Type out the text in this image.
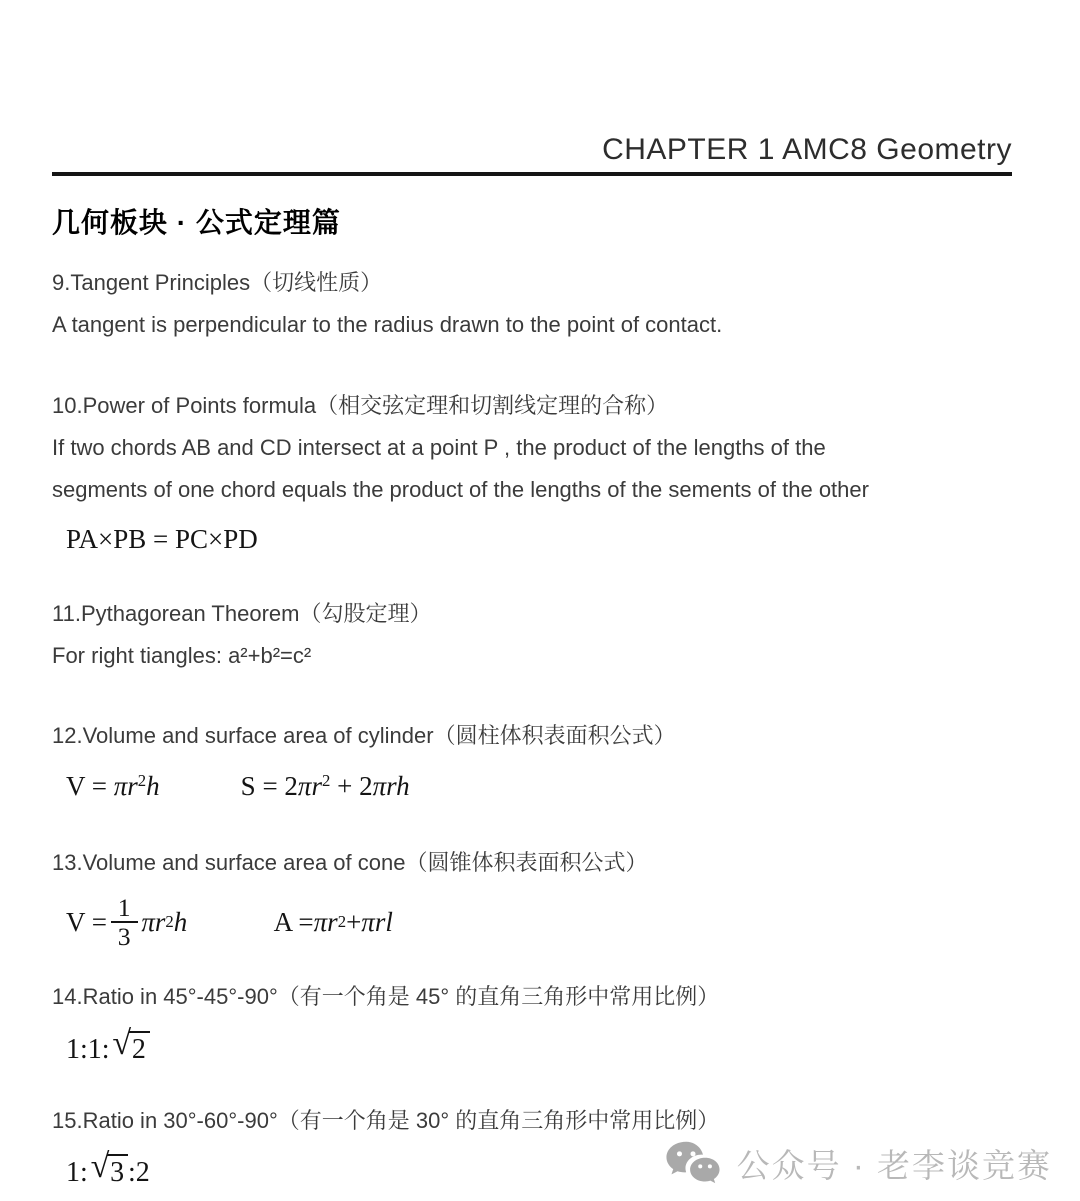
CHAPTER 1 AMC8 Geometry
几何板块 · 公式定理篇
9.Tangent Principles（切线性质）
A tangent is perpendicular to the radius drawn to the point of contact.
10.Power of Points formula（相交弦定理和切割线定理的合称）
If two chords AB and CD intersect at a point P , the product of the lengths of the
segments of one chord equals the product of the lengths of the sements of the other
PA×PB = PC×PD
11.Pythagorean Theorem（勾股定理）
For right tiangles: a²+b²=c²
12.Volume and surface area of cylinder（圆柱体积表面积公式）
$V = \pi r^2h$	$S = 2\pi r^2 + 2\pi rh$
13.Volume and surface area of cone（圆锥体积表面积公式）
$V = \frac{1}{3}$ πr 2 h	A = πr 2 + πrl
14.Ratio in 45°-45°-90°（有一个角是 45° 的直角三角形中常用比例）
1:1: √ 2
15.Ratio in 30°-60°-90°（有一个角是 30° 的直角三角形中常用比例）
1: √ 3 :2	公众号 · 老李谈竞赛
